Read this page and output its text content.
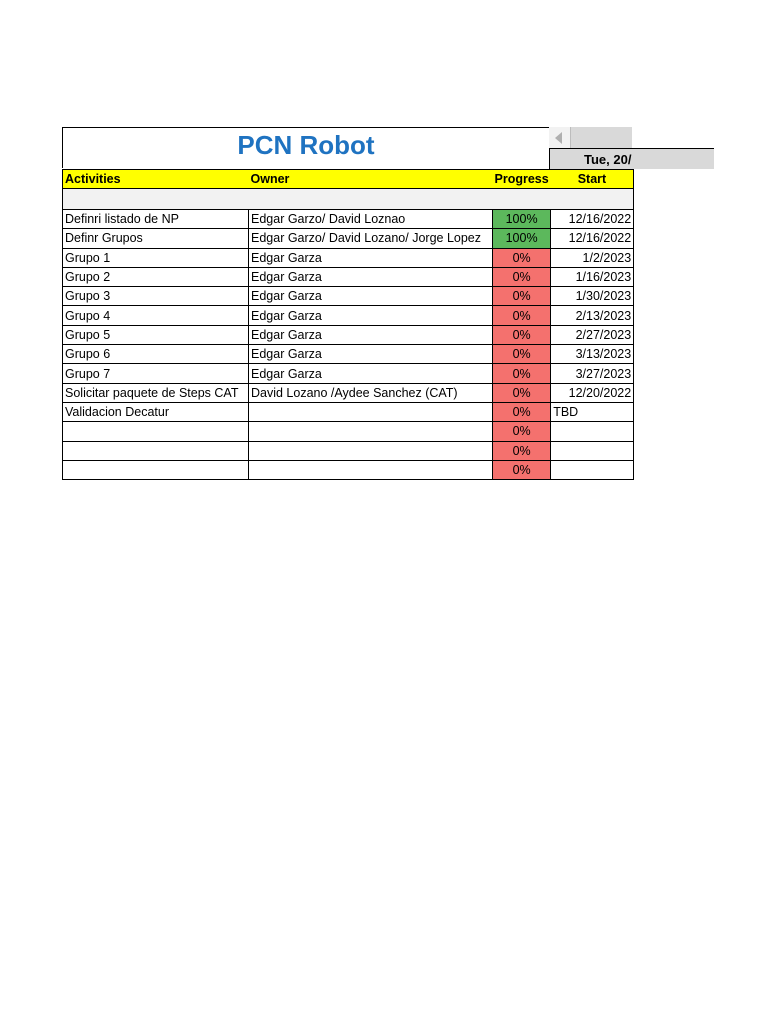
PCN Robot	Tue, 20/
Activities	Owner	Progress	Start

Definri listado de NP	Edgar Garzo/ David Loznao	100%	12/16/2022
Definr Grupos	Edgar Garzo/ David Lozano/ Jorge Lopez	100%	12/16/2022
Grupo 1	Edgar Garza	0%	1/2/2023
Grupo 2	Edgar Garza	0%	1/16/2023
Grupo 3	Edgar Garza	0%	1/30/2023
Grupo 4	Edgar Garza	0%	2/13/2023
Grupo 5	Edgar Garza	0%	2/27/2023
Grupo 6	Edgar Garza	0%	3/13/2023
Grupo 7	Edgar Garza	0%	3/27/2023
Solicitar paquete de Steps CAT	David Lozano /Aydee Sanchez (CAT)	0%	12/20/2022
Validacion Decatur		0%	TBD
		0%	
		0%	
		0%	
